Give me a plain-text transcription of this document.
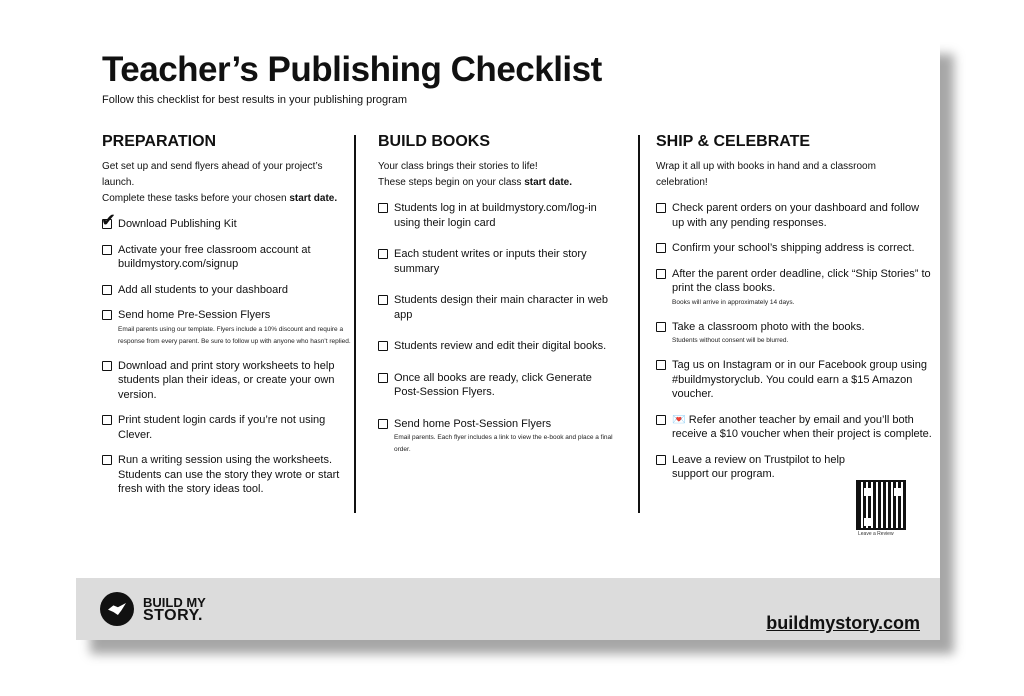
Teacher’s Publishing Checklist
Follow this checklist for best results in your publishing program
PREPARATION
Get set up and send flyers ahead of your project’s launch.
Complete these tasks before your chosen start date.
✔
Download Publishing Kit
Activate your free classroom account at buildmystory.com/signup
Add all students to your dashboard
Send home Pre-Session Flyers
Email parents using our template. Flyers include a 10% discount and require a response from every parent. Be sure to follow up with anyone who hasn’t replied.
Download and print story worksheets to help students plan their ideas, or create your own version.
Print student login cards if you’re not using Clever.
Run a writing session using the worksheets. Students can use the story they wrote or start fresh with the story ideas tool.
BUILD BOOKS
Your class brings their stories to life!
These steps begin on your class start date.
Students log in at buildmystory.com/log-in using their login card
Each student writes or inputs their story summary
Students design their main character in web app
Students review and edit their digital books.
Once all books are ready, click Generate Post-Session Flyers.
Send home Post-Session Flyers
Email parents. Each flyer includes a link to view the e-book and place a final order.
SHIP & CELEBRATE
Wrap it all up with books in hand and a classroom
celebration!
Check parent orders on your dashboard and follow up with any pending responses.
Confirm your school’s shipping address is correct.
After the parent order deadline, click “Ship Stories” to print the class books.
Books will arrive in approximately 14 days.
Take a classroom photo with the books.
Students without consent will be blurred.
Tag us on Instagram or in our Facebook group using #buildmystoryclub. You could earn a $15 Amazon voucher.
💌 Refer another teacher by email and you’ll both receive a $10 voucher when their project is complete.
Leave a review on Trustpilot to help support our program.
Leave a Review
BUILD MY
STORY.	buildmystory.com
